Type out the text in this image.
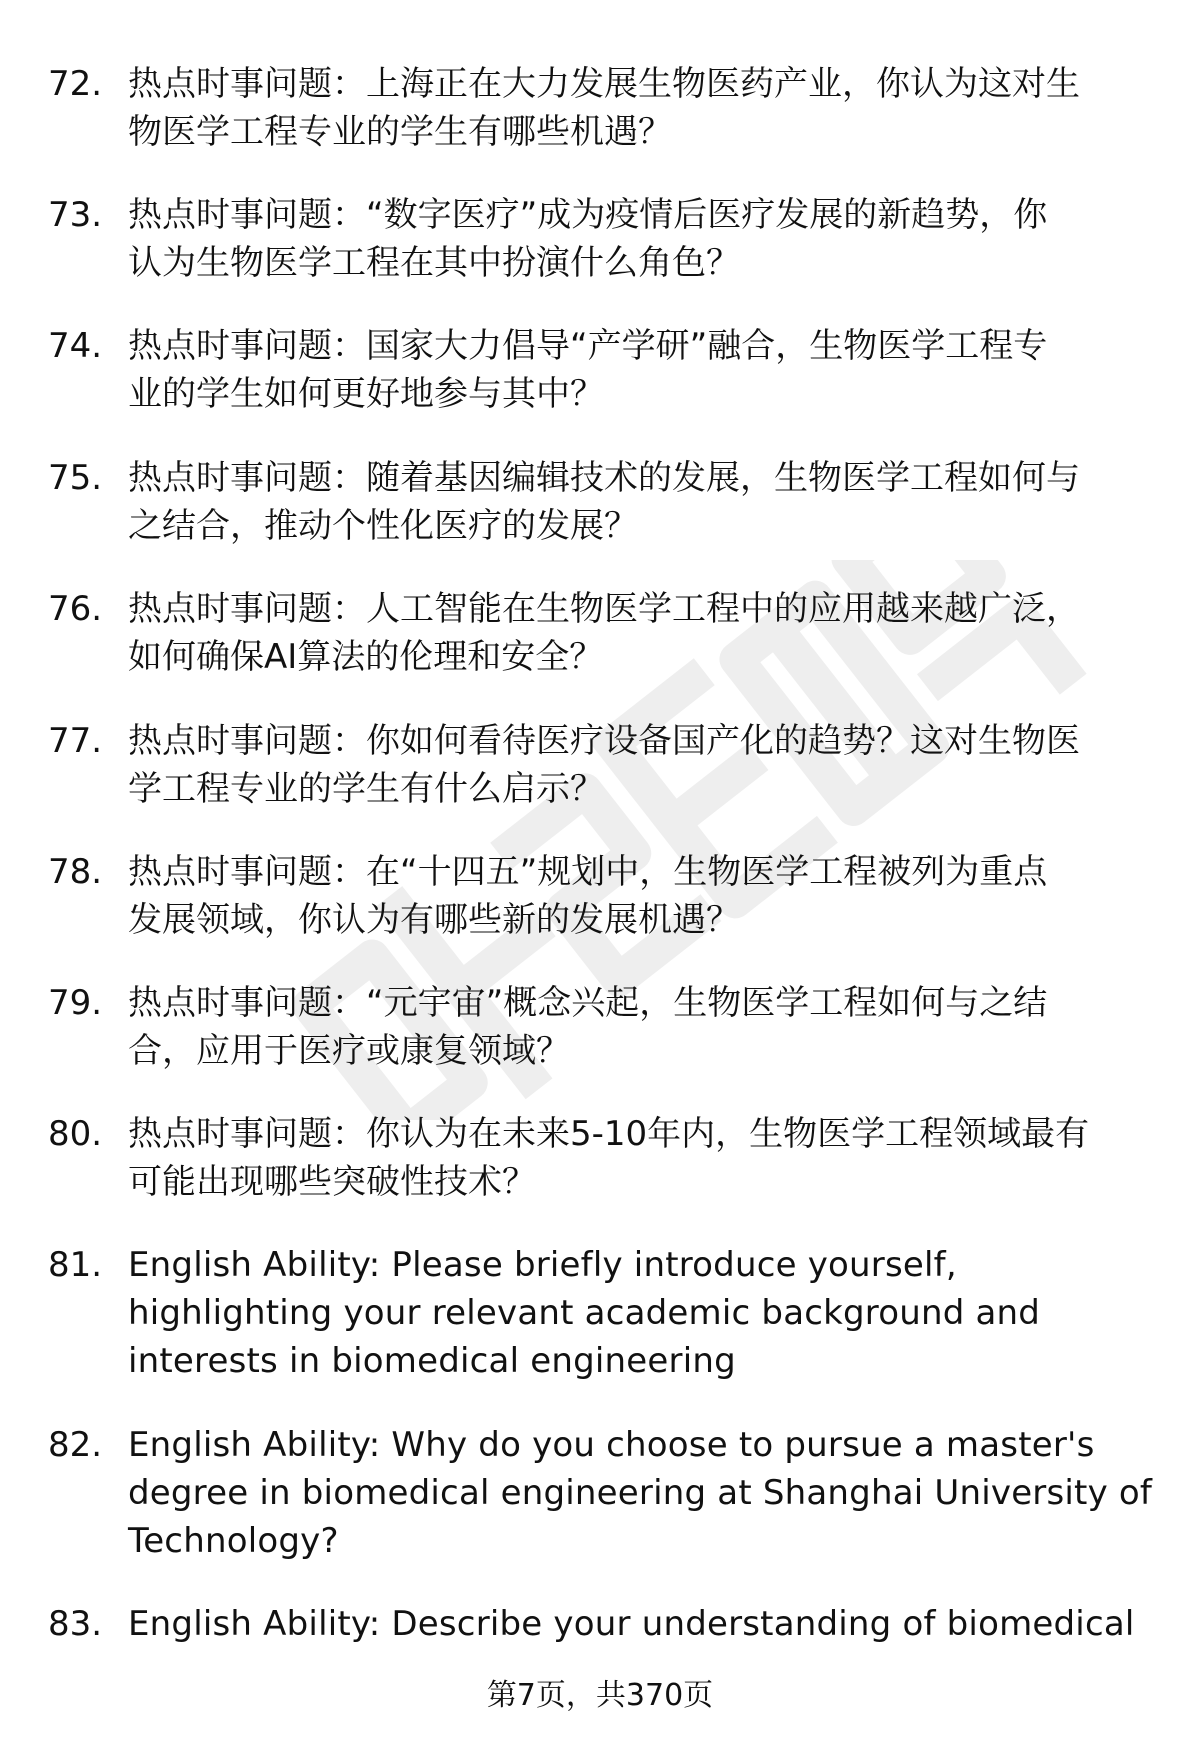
72. 热点时事问题：上海正在大力发展生物医药产业，你认为这对生
物医学工程专业的学生有哪些机遇？
73. 热点时事问题：“数字医疗”成为疫情后医疗发展的新趋势，你
认为生物医学工程在其中扮演什么角色？
74. 热点时事问题：国家大力倡导“产学研”融合，生物医学工程专
业的学生如何更好地参与其中？
75. 热点时事问题：随着基因编辑技术的发展，生物医学工程如何与
之结合，推动个性化医疗的发展？
76. 热点时事问题：人工智能在生物医学工程中的应用越来越广泛，
如何确保AI算法的伦理和安全？
77. 热点时事问题：你如何看待医疗设备国产化的趋势？这对生物医
学工程专业的学生有什么启示？
78. 热点时事问题：在“十四五”规划中，生物医学工程被列为重点
发展领域，你认为有哪些新的发展机遇？
79. 热点时事问题：“元宇宙”概念兴起，生物医学工程如何与之结
合，应用于医疗或康复领域？
80. 热点时事问题：你认为在未来5-10年内，生物医学工程领域最有
可能出现哪些突破性技术？
81. English Ability: Please briefly introduce yourself,
highlighting your relevant academic background and
interests in biomedical engineering
82. English Ability: Why do you choose to pursue a master's
degree in biomedical engineering at Shanghai University of
Technology?
83. English Ability: Describe your understanding of biomedical
第7页，共370页
